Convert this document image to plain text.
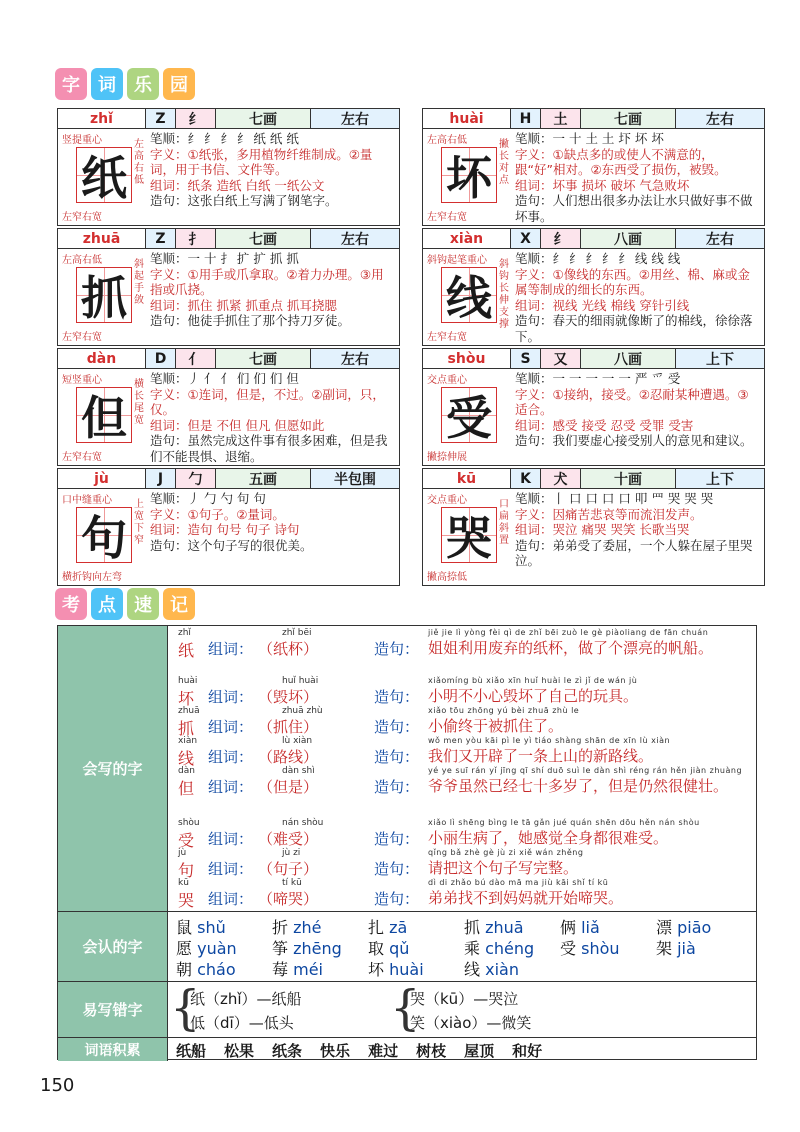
字	词	乐	园
zhǐ	Z	纟	七画	左右
竖提重心
纸
左高右低
左窄右宽
笔顺：纟 纟 纟 纟 纸 纸 纸
字义：①纸张，多用植物纤维制成。②量词，用于书信、文件等。
组词：纸条 造纸 白纸 一纸公文
造句：这张白纸上写满了钢笔字。
huài	H	土	七画	左右
左高右低
坏
撇长对点
左窄右宽
笔顺：一 十 土 土 圷 坏 坏
字义：①缺点多的或使人不满意的，跟“好”相对。②东西受了损伤，被毁。
组词：坏事 损坏 破坏 气急败坏
造句：人们想出很多办法让水只做好事不做坏事。
zhuā	Z	扌	七画	左右
左高右低
抓
斜起手敛
左窄右宽
笔顺：一 十 扌 扩 扩 抓 抓
字义：①用手或爪拿取。②着力办理。③用指或爪挠。
组词：抓住 抓紧 抓重点 抓耳挠腮
造句：他徒手抓住了那个持刀歹徒。
xiàn	X	纟	八画	左右
斜钩起笔重心
线
斜钩长伸支撑
左窄右宽
笔顺：纟 纟 纟 纟 纟 线 线 线
字义：①像线的东西。②用丝、棉、麻或金属等制成的细长的东西。
组词：视线 光线 棉线 穿针引线
造句：春天的细雨就像断了的棉线，徐徐落下。
dàn	D	亻	七画	左右
短竖重心
但
横长尾宽
左窄右宽
笔顺：丿 亻 亻 们 们 们 但
字义：①连词，但是，不过。②副词，只，仅。
组词：但是 不但 但凡 但愿如此
造句：虽然完成这件事有很多困难，但是我们不能畏惧、退缩。
shòu	S	又	八画	上下
交点重心
受
撇捺伸展
笔顺：一 一 一 一 一 严 爫 受
字义：①接纳，接受。②忍耐某种遭遇。③适合。
组词：感受 接受 忍受 受罪 受害
造句：我们要虚心接受别人的意见和建议。
jù	J	勹	五画	半包围
口中缝重心
句
上宽下窄
横折钩向左弯
笔顺：丿 勹 勺 句 句
字义：①句子。②量词。
组词：造句 句号 句子 诗句
造句：这个句子写的很优美。
kū	K	犬	十画	上下
交点重心
哭
口扁斜置
撇高捺低
笔顺：丨 口 口 口 口 叩 罒 哭 哭 哭
字义：因痛苦悲哀等而流泪发声。
组词：哭泣 痛哭 哭笑 长歌当哭
造句：弟弟受了委屈，一个人躲在屋子里哭泣。
考	点	速	记
会写的字
zhǐ
纸 组词：
zhǐ bēi
（纸杯）	造句：
jiě jie lì yòng fèi qì de zhǐ bēi zuò le gè piàoliang de fān chuán
姐姐利用废弃的纸杯，做了个漂亮的帆船。
huài
坏 组词：
huǐ huài
（毁坏）	造句：
xiǎomíng bù xiǎo xīn huǐ huài le zì jǐ de wán jù
小明不小心毁坏了自己的玩具。
zhuā
抓 组词：
zhuā zhù
（抓住）	造句：
xiǎo tōu zhōng yú bèi zhuā zhù le
小偷终于被抓住了。
xiàn
线 组词：
lù xiàn
（路线）	造句：
wǒ men yòu kāi pì le yì tiáo shàng shān de xīn lù xiàn
我们又开辟了一条上山的新路线。
dàn
但 组词：
dàn shì
（但是）	造句：
yé ye suī rán yǐ jīng qī shí duō suì le dàn shì réng rán hěn jiàn zhuàng
爷爷虽然已经七十多岁了，但是仍然很健壮。
shòu
受 组词：
nán shòu
（难受）	造句：
xiǎo lì shēng bìng le tā gǎn jué quán shēn dōu hěn nán shòu
小丽生病了，她感觉全身都很难受。
jù
句 组词：
jù zi
（句子）	造句：
qǐng bǎ zhè gè jù zi xiě wán zhěng
请把这个句子写完整。
kū
哭 组词：
tí kū
（啼哭）	造句：
dì di zhǎo bú dào mā ma jiù kāi shǐ tí kū
弟弟找不到妈妈就开始啼哭。
会认的字
鼠 shǔ	折 zhé	扎 zā	抓 zhuā 俩 liǎ	漂 piāo
愿 yuàn 筝 zhēng 取 qǔ	乘 chéng 受 shòu 架 jià
朝 cháo 莓 méi	坏 huài	线 xiàn
易写错字 {
纸（zhǐ）—纸船
低（dī）—低头 {
哭（kū）—哭泣
笑（xiào）—微笑
词语积累	纸船 松果 纸条 快乐 难过 树枝 屋顶 和好
150
